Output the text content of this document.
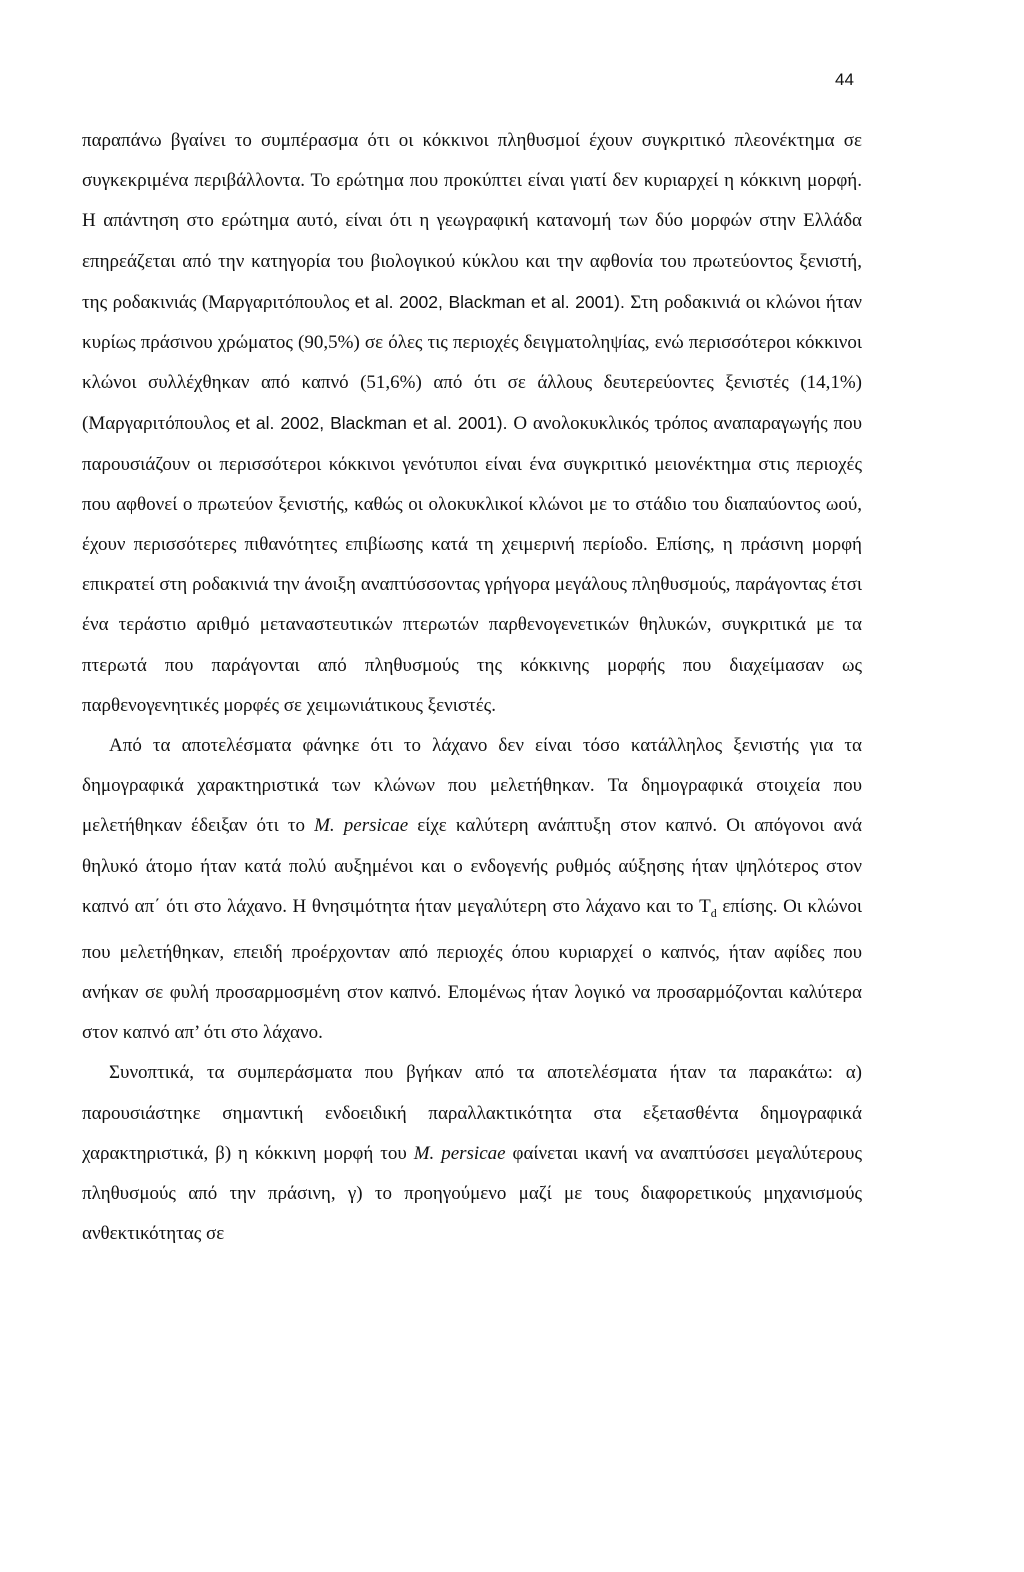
44

παραπάνω βγαίνει το συμπέρασμα ότι οι κόκκινοι πληθυσμοί έχουν συγκριτικό πλεονέκτημα σε συγκεκριμένα περιβάλλοντα. Το ερώτημα που προκύπτει είναι γιατί δεν κυριαρχεί η κόκκινη μορφή. Η απάντηση στο ερώτημα αυτό, είναι ότι η γεωγραφική κατανομή των δύο μορφών στην Ελλάδα επηρεάζεται από την κατηγορία του βιολογικού κύκλου και την αφθονία του πρωτεύοντος ξενιστή, της ροδακινιάς (Μαργαριτόπουλος et al. 2002, Blackman et al. 2001). Στη ροδακινιά οι κλώνοι ήταν κυρίως πράσινου χρώματος (90,5%) σε όλες τις περιοχές δειγματοληψίας, ενώ περισσότεροι κόκκινοι κλώνοι συλλέχθηκαν από καπνό (51,6%) από ότι σε άλλους δευτερεύοντες ξενιστές (14,1%) (Μαργαριτόπουλος et al. 2002, Blackman et al. 2001). Ο ανολοκυκλικός τρόπος αναπαραγωγής που παρουσιάζουν οι περισσότεροι κόκκινοι γενότυποι είναι ένα συγκριτικό μειονέκτημα στις περιοχές που αφθονεί ο πρωτεύον ξενιστής, καθώς οι ολοκυκλικοί κλώνοι με το στάδιο του διαπαύοντος ωού, έχουν περισσότερες πιθανότητες επιβίωσης κατά τη χειμερινή περίοδο. Επίσης, η πράσινη μορφή επικρατεί στη ροδακινιά την άνοιξη αναπτύσσοντας γρήγορα μεγάλους πληθυσμούς, παράγοντας έτσι ένα τεράστιο αριθμό μεταναστευτικών πτερωτών παρθενογενετικών θηλυκών, συγκριτικά με τα πτερωτά που παράγονται από πληθυσμούς της κόκκινης μορφής που διαχείμασαν ως παρθενογενητικές μορφές σε χειμωνιάτικους ξενιστές.

Από τα αποτελέσματα φάνηκε ότι το λάχανο δεν είναι τόσο κατάλληλος ξενιστής για τα δημογραφικά χαρακτηριστικά των κλώνων που μελετήθηκαν. Τα δημογραφικά στοιχεία που μελετήθηκαν έδειξαν ότι το M. persicae είχε καλύτερη ανάπτυξη στον καπνό. Οι απόγονοι ανά θηλυκό άτομο ήταν κατά πολύ αυξημένοι και ο ενδογενής ρυθμός αύξησης ήταν ψηλότερος στον καπνό απ΄ ότι στο λάχανο. Η θνησιμότητα ήταν μεγαλύτερη στο λάχανο και το $T_d$ επίσης. Οι κλώνοι που μελετήθηκαν, επειδή προέρχονταν από περιοχές όπου κυριαρχεί ο καπνός, ήταν αφίδες που ανήκαν σε φυλή προσαρμοσμένη στον καπνό. Επομένως ήταν λογικό να προσαρμόζονται καλύτερα στον καπνό απ’ ότι στο λάχανο.

Συνοπτικά, τα συμπεράσματα που βγήκαν από τα αποτελέσματα ήταν τα παρακάτω: α) παρουσιάστηκε σημαντική ενδοειδική παραλλακτικότητα στα εξετασθέντα δημογραφικά χαρακτηριστικά, β) η κόκκινη μορφή του M. persicae φαίνεται ικανή να αναπτύσσει μεγαλύτερους πληθυσμούς από την πράσινη, γ) το προηγούμενο μαζί με τους διαφορετικούς μηχανισμούς ανθεκτικότητας σε
